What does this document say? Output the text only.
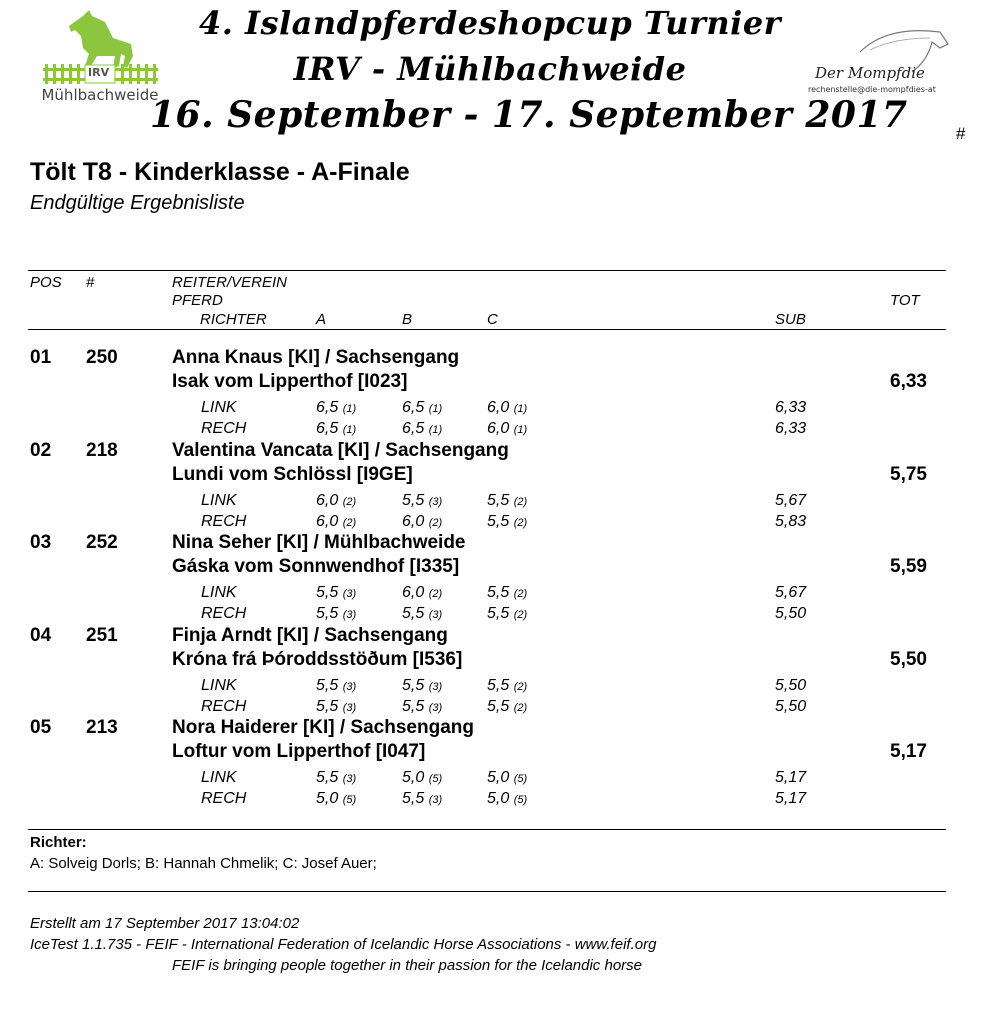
IRV
Mühlbachweide
4. Islandpferdeshopcup Turnier
IRV - Mühlbachweide
16. September - 17. September 2017
Der Mompfdie
rechenstelle@die-mompfdies-at
#
Tölt T8 - Kinderklasse - A-Finale
Endgültige Ergebnisliste
POS #	REITER/VEREIN
PFERD	TOT
RICHTER	A	B	C	SUB
01 250	Anna Knaus [KI] / Sachsengang
Isak vom Lipperthof [I023]	6,33
LINK	6,5 (1)	6,5 (1)	6,0 (1)	6,33
RECH	6,5 (1)	6,5 (1)	6,0 (1)	6,33
02 218	Valentina Vancata [KI] / Sachsengang
Lundi vom Schlössl [I9GE]	5,75
LINK	6,0 (2)	5,5 (3)	5,5 (2)	5,67
RECH	6,0 (2)	6,0 (2)	5,5 (2)	5,83
03 252	Nina Seher [KI] / Mühlbachweide
Gáska vom Sonnwendhof [I335]	5,59
LINK	5,5 (3)	6,0 (2)	5,5 (2)	5,67
RECH	5,5 (3)	5,5 (3)	5,5 (2)	5,50
04 251	Finja Arndt [KI] / Sachsengang
Króna frá Þóroddsstöðum [I536]	5,50
LINK	5,5 (3)	5,5 (3)	5,5 (2)	5,50
RECH	5,5 (3)	5,5 (3)	5,5 (2)	5,50
05 213	Nora Haiderer [KI] / Sachsengang
Loftur vom Lipperthof [I047]	5,17
LINK	5,5 (3)	5,0 (5)	5,0 (5)	5,17
RECH	5,0 (5)	5,5 (3)	5,0 (5)	5,17
Richter:
A: Solveig Dorls; B: Hannah Chmelik; C: Josef Auer;
Erstellt am 17 September 2017 13:04:02
IceTest 1.1.735 - FEIF - International Federation of Icelandic Horse Associations - www.feif.org
FEIF is bringing people together in their passion for the Icelandic horse
